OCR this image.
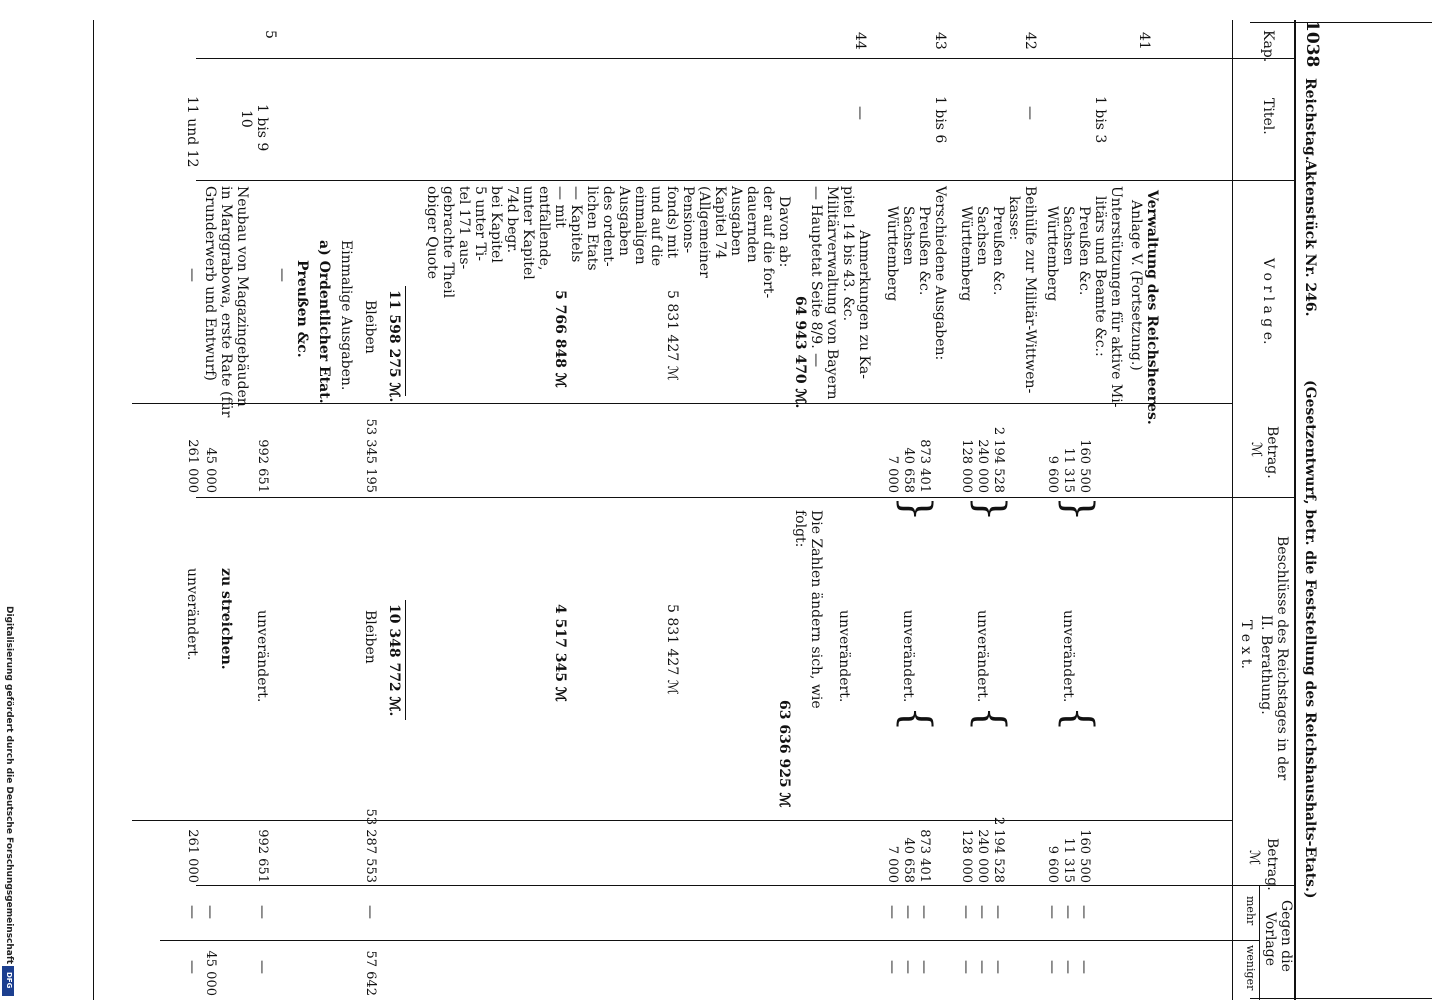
Digitalisierung gefördert durch die Deutsche Forschungsgemeinschaft
DFG
1038
Reichstag.
Aktenstück Nr. 246.
(Gesetzentwurf, betr. die Feststellung des Reichshaushalts-Etats.)
Kap.
Titel.
V o r l a g e.
Betrag.
ℳ
Beschlüsse des Reichstages in der
II. Berathung.
T e x t.
Betrag.
ℳ
Gegen die
Vorlage
mehr
weniger
41
Verwaltung des Reichsheeres.
Anlage V. (Fortsetzung.)
1 bis 3
Unterstützungen für aktive Mi-
litärs und Beamte &c.:
Preußen &c.
Sachsen
Württemberg
160 500
11 315
9 600
}
unverändert.
{
160 500
11 315
9 600
—
—
—
—
—
—
42
—
Beihülfe zur Militär-Wittwen-
kasse:
Preußen &c.
Sachsen
Württemberg
2 194 528
240 000
128 000
}
unverändert.
{
2 194 528
240 000
128 000
—
—
—
—
—
—
43
1 bis 6
Verschiedene Ausgaben:
Preußen &c.
Sachsen
Württemberg
873 401
40 658
7 000
}
unverändert.
{
873 401
40 658
7 000
—
—
—
—
—
—
44
—
Anmerkungen zu Ka-
pitel 14 bis 43. &c.
Militärverwaltung von Bayern
— Hauptetat Seite 8/9. —
64 943 470 ℳ.
unverändert.
Davon ab:
der auf die fort-
dauernden
Ausgaben
Kapitel 74
(Allgemeiner
Pensions-
fonds) mit
und auf die
einmaligen
Ausgaben
des ordent-
lichen Etats
— Kapitels
— mit
entfallende,
unter Kapitel
74d begr.
bei Kapitel
5 unter Ti-
tel 171 aus-
gebrachte Theil
obiger Quote
5 831 427 ℳ
5 766 848 ℳ
11 598 275 ℳ.
Bleiben
53 345 195
Die Zahlen ändern sich, wie
folgt:
63 636 925 ℳ
5 831 427 ℳ
4 517 345 ℳ
10 348 772 ℳ.
Bleiben
53 287 553
—
57 642
5
Einmalige Ausgaben.
a) Ordentlicher Etat.
Preußen &c.
—
1 bis 9
992 651
unverändert.
992 651
—
—
10
Neubau von Magazingebäuden
in Marggrabowa, erste Rate (für
Grunderwerb und Entwurf)
45 000
zu streichen.
—
45 000
11 und 12
—
261 000
unverändert.
261 000
—
—
